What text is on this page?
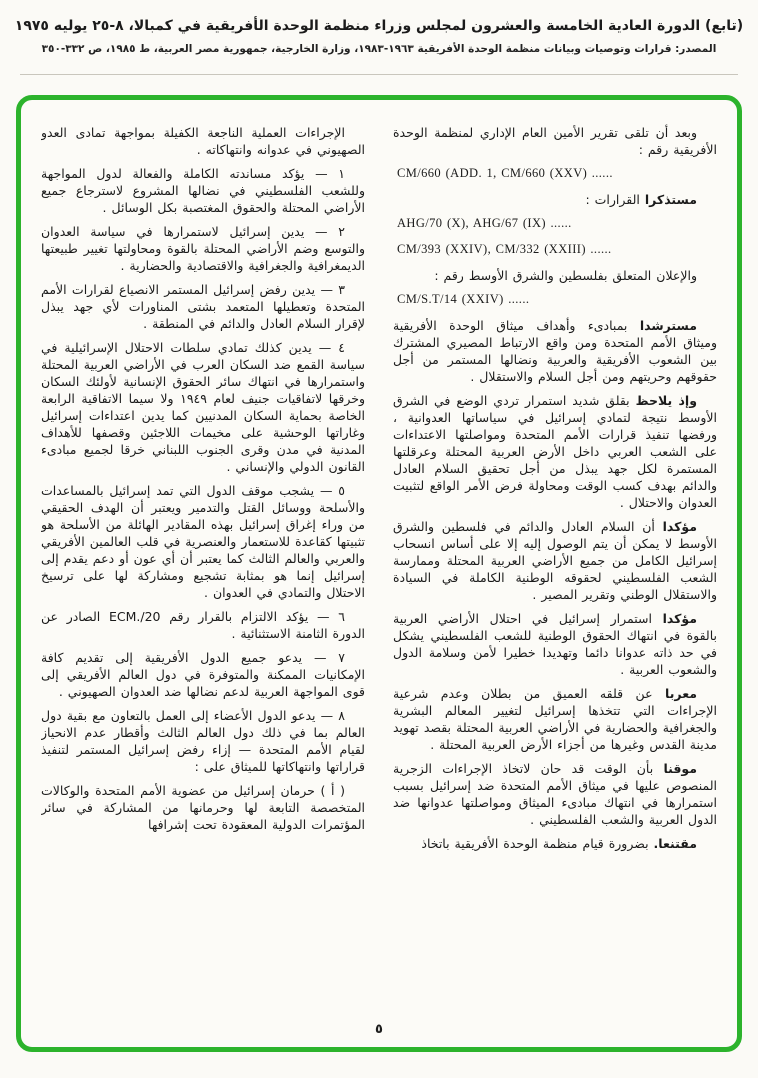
(تابع) الدورة العادية الخامسة والعشرون لمجلس وزراء منظمة الوحدة الأفريقية في كمبالا، ٨-٢٥ يوليه ١٩٧٥
المصدر: قرارات وتوصيات وبيانات منظمة الوحدة الأفريقية ١٩٦٣-١٩٨٣، وزارة الخارجية، جمهورية مصر العربية، ط ١٩٨٥، ص ٣٣٢-٣٥٠

وبعد أن تلقى تقرير الأمين العام الإداري لمنظمة الوحدة الأفريقية رقم :

CM/660 (ADD. 1, CM/660 (XXV) ......

مستذكرا القرارات :

AHG/70 (X), AHG/67 (IX) ......

CM/393 (XXIV), CM/332 (XXIII) ......

والإعلان المتعلق بفلسطين والشرق الأوسط رقم :

CM/S.T/14 (XXIV) ......

مسترشدا بمبادىء وأهداف ميثاق الوحدة الأفريقية وميثاق الأمم المتحدة ومن واقع الارتباط المصيري المشترك بين الشعوب الأفريقية والعربية ونضالها المستمر من أجل حقوقهم وحريتهم ومن أجل السلام والاستقلال .

وإذ يلاحظ بقلق شديد استمرار تردي الوضع في الشرق الأوسط نتيجة لتمادي إسرائيل في سياساتها العدوانية ، ورفضها تنفيذ قرارات الأمم المتحدة ومواصلتها الاعتداءات على الشعب العربي داخل الأرض العربية المحتلة وعرقلتها المستمرة لكل جهد يبذل من أجل تحقيق السلام العادل والدائم بهدف كسب الوقت ومحاولة فرض الأمر الواقع لتثبيت العدوان والاحتلال .

مؤكدا أن السلام العادل والدائم في فلسطين والشرق الأوسط لا يمكن أن يتم الوصول إليه إلا على أساس انسحاب إسرائيل الكامل من جميع الأراضي العربية المحتلة وممارسة الشعب الفلسطيني لحقوقه الوطنية الكاملة في السيادة والاستقلال الوطني وتقرير المصير .

مؤكدا استمرار إسرائيل في احتلال الأراضي العربية بالقوة في انتهاك الحقوق الوطنية للشعب الفلسطيني يشكل في حد ذاته عدوانا دائما وتهديدا خطيرا لأمن وسلامة الدول والشعوب العربية .

معربا عن قلقه العميق من بطلان وعدم شرعية الإجراءات التي تتخذها إسرائيل لتغيير المعالم البشرية والجغرافية والحضارية في الأراضي العربية المحتلة بقصد تهويد مدينة القدس وغيرها من أجزاء الأرض العربية المحتلة .

موقنا بأن الوقت قد حان لاتخاذ الإجراءات الزجرية المنصوص عليها في ميثاق الأمم المتحدة ضد إسرائيل بسبب استمرارها في انتهاك مبادىء الميثاق ومواصلتها عدوانها ضد الدول العربية والشعب الفلسطيني .

مقتنعا. بضرورة قيام منظمة الوحدة الأفريقية باتخاذ

الإجراءات العملية الناجعة الكفيلة بمواجهة تمادى العدو الصهيوني في عدوانه وانتهاكاته .

١ — يؤكد مساندته الكاملة والفعالة لدول المواجهة وللشعب الفلسطيني في نضالها المشروع لاسترجاع جميع الأراضي المحتلة والحقوق المغتصبة بكل الوسائل .

٢ — يدين إسرائيل لاستمرارها في سياسة العدوان والتوسع وضم الأراضي المحتلة بالقوة ومحاولتها تغيير طبيعتها الديمغرافية والجغرافية والاقتصادية والحضارية .

٣ — يدين رفض إسرائيل المستمر الانصياع لقرارات الأمم المتحدة وتعطيلها المتعمد بشتى المناورات لأي جهد يبذل لإقرار السلام العادل والدائم في المنطقة .

٤ — يدين كذلك تمادي سلطات الاحتلال الإسرائيلية في سياسة القمع ضد السكان العرب في الأراضي العربية المحتلة واستمرارها في انتهاك سائر الحقوق الإنسانية لأولئك السكان وخرقها لاتفاقيات جنيف لعام ١٩٤٩ ولا سيما الاتفاقية الرابعة الخاصة بحماية السكان المدنيين كما يدين اعتداءات إسرائيل وغاراتها الوحشية على مخيمات اللاجئين وقصفها للأهداف المدنية في مدن وقرى الجنوب اللبناني خرقا لجميع مبادىء القانون الدولي والإنساني .

٥ — يشجب موقف الدول التي تمد إسرائيل بالمساعدات والأسلحة ووسائل القتل والتدمير ويعتبر أن الهدف الحقيقي من وراء إغراق إسرائيل بهذه المقادير الهائلة من الأسلحة هو تثبيتها كقاعدة للاستعمار والعنصرية في قلب العالمين الأفريقي والعربي والعالم الثالث كما يعتبر أن أي عون أو دعم يقدم إلى إسرائيل إنما هو بمثابة تشجيع ومشاركة لها على ترسيخ الاحتلال والتمادي في العدوان .

٦ — يؤكد الالتزام بالقرار رقم ECM./20 الصادر عن الدورة الثامنة الاستثنائية .

٧ — يدعو جميع الدول الأفريقية إلى تقديم كافة الإمكانيات الممكنة والمتوفرة في دول العالم الأفريقي إلى قوى المواجهة العربية لدعم نضالها ضد العدوان الصهيوني .

٨ — يدعو الدول الأعضاء إلى العمل بالتعاون مع بقية دول العالم بما في ذلك دول العالم الثالث وأقطار عدم الانحياز لقيام الأمم المتحدة — إزاء رفض إسرائيل المستمر لتنفيذ قراراتها وانتهاكاتها للميثاق على :

( أ ) حرمان إسرائيل من عضوية الأمم المتحدة والوكالات المتخصصة التابعة لها وحرمانها من المشاركة في سائر المؤتمرات الدولية المعقودة تحت إشرافها

٥
